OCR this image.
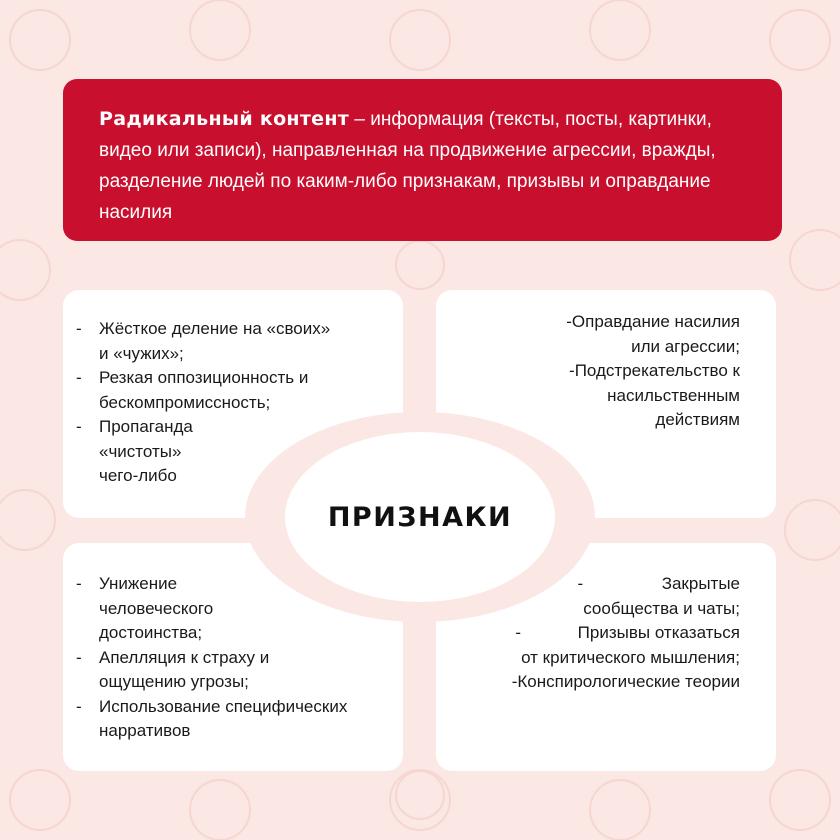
Радикальный контент – информация (тексты, посты, картинки, видео или записи), направленная на продвижение агрессии, вражды, разделение людей по каким-либо признакам, призывы и оправдание насилия
-	Жёсткое деление на «своих»
и «чужих»;
-	Резкая оппозиционность и
бескомпромиссность;
-	Пропаганда
«чистоты»
чего-либо
- Оправдание насилия
или агрессии;
- Подстрекательство к
насильственным
действиям
-	Унижение
человеческого
достоинства;
-	Апелляция к страху и
ощущению угрозы;
-	Использование специфических
нарративов
-	Закрытые
сообщества и чаты;
-	Призывы отказаться
от критического мышления;
- Конспирологические теории
ПРИЗНАКИ
